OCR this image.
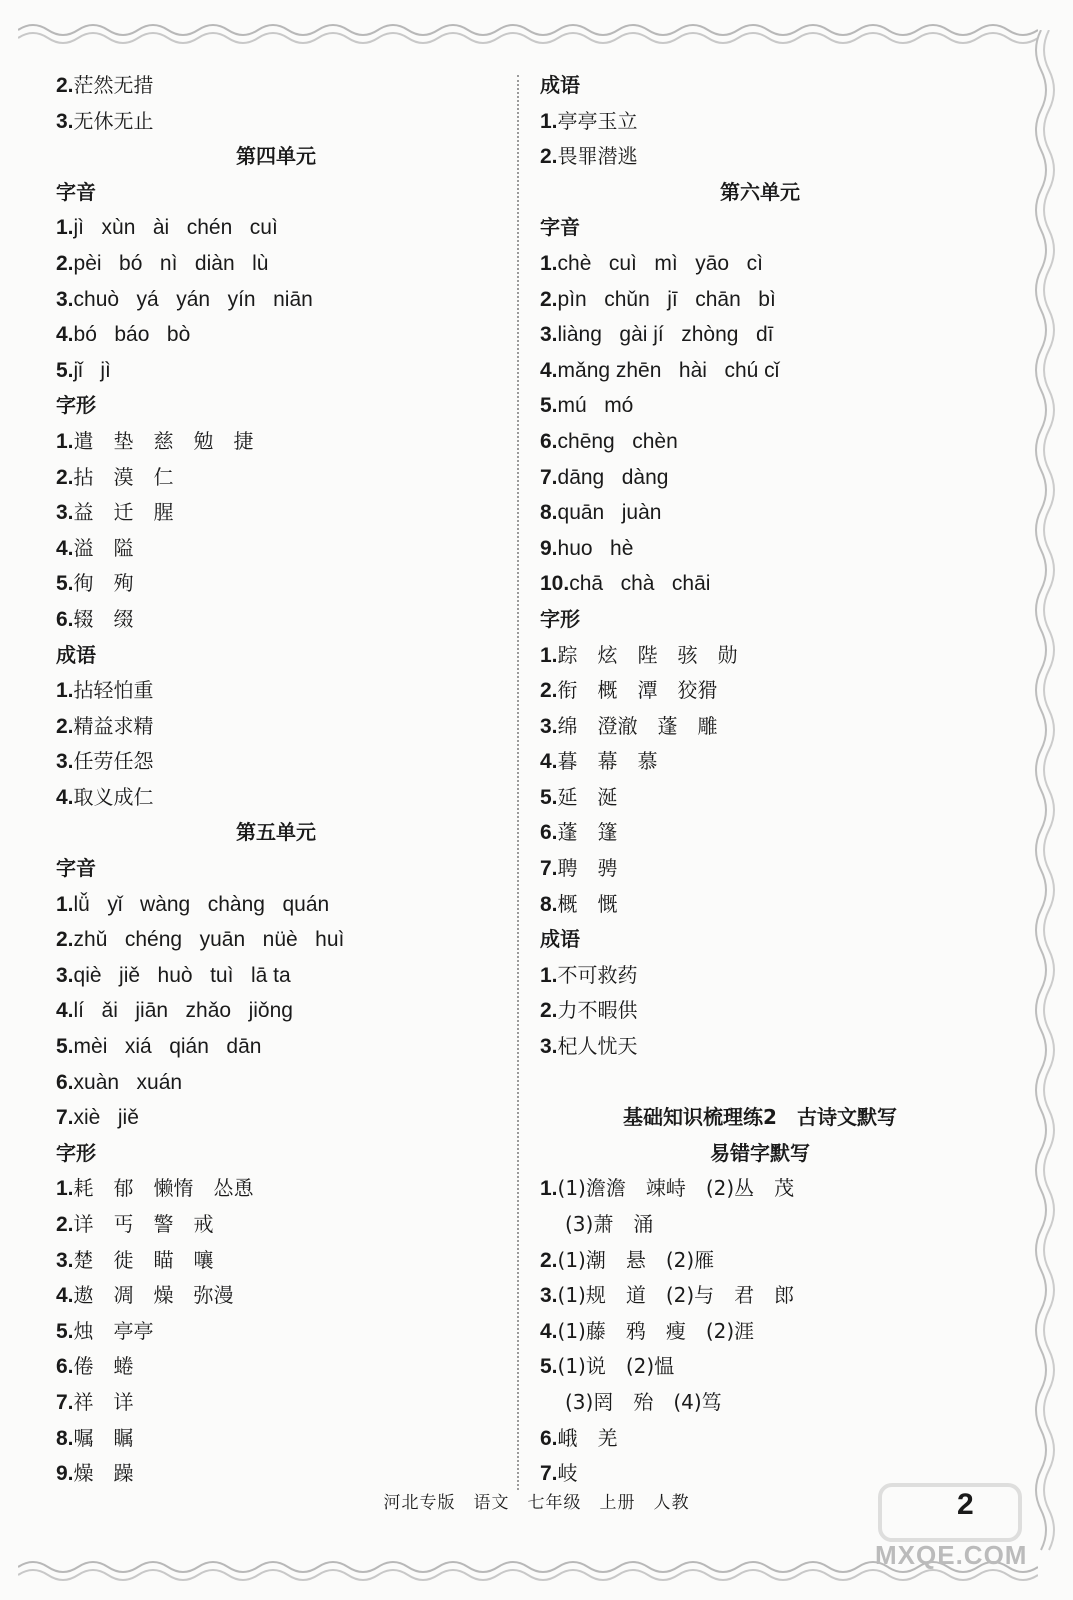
2.茫然无措
3.无休无止
第四单元
字音
1.jì   xùn   ài   chén   cuì
2.pèi   bó   nì   diàn   lù
3.chuò   yá   yán   yín   niān
4.bó   báo   bò
5.jǐ   jì
字形
1.遣　垫　慈　勉　捷
2.拈　漠　仁
3.益　迁　腥
4.溢　隘
5.徇　殉
6.辍　缀
成语
1.拈轻怕重
2.精益求精
3.任劳任怨
4.取义成仁
第五单元
字音
1.lǚ   yǐ   wàng   chàng   quán
2.zhǔ   chéng   yuān   nüè   huì
3.qiè   jiě   huò   tuì   lā ta
4.lí   ǎi   jiān   zhǎo   jiǒng
5.mèi   xiá   qián   dān
6.xuàn   xuán
7.xiè   jiě
字形
1.耗　郁　懒惰　怂恿
2.详　丐　警　戒
3.楚　徙　瞄　嚷
4.遨　凋　燥　弥漫
5.烛　亭亭
6.倦　蜷
7.祥　详
8.嘱　瞩
9.燥　躁
成语
1.亭亭玉立
2.畏罪潜逃
第六单元
字音
1.chè   cuì   mì   yāo   cì
2.pìn   chǔn   jī   chān   bì
3.liàng   gài jí   zhòng   dī
4.mǎng zhēn   hài   chú cǐ
5.mú   mó
6.chēng   chèn
7.dāng   dàng
8.quān   juàn
9.huo   hè
10.chā   chà   chāi
字形
1.踪　炫　陛　骇　勋
2.衔　概　潭　狡猾
3.绵　澄澈　蓬　雕
4.暮　幕　慕
5.延　涎
6.蓬　篷
7.聘　骋
8.概　慨
成语
1.不可救药
2.力不暇供
3.杞人忧天
基础知识梳理练2　古诗文默写
易错字默写
1.(1)澹澹　竦峙　(2)丛　茂
(3)萧　涌
2.(1)潮　悬　(2)雁
3.(1)规　道　(2)与　君　郎
4.(1)藤　鸦　瘦　(2)涯
5.(1)说　(2)愠
(3)罔　殆　(4)笃
6.峨　羌
7.岐
河北专版　语文　七年级　上册　人教	2
MXQE.COM
